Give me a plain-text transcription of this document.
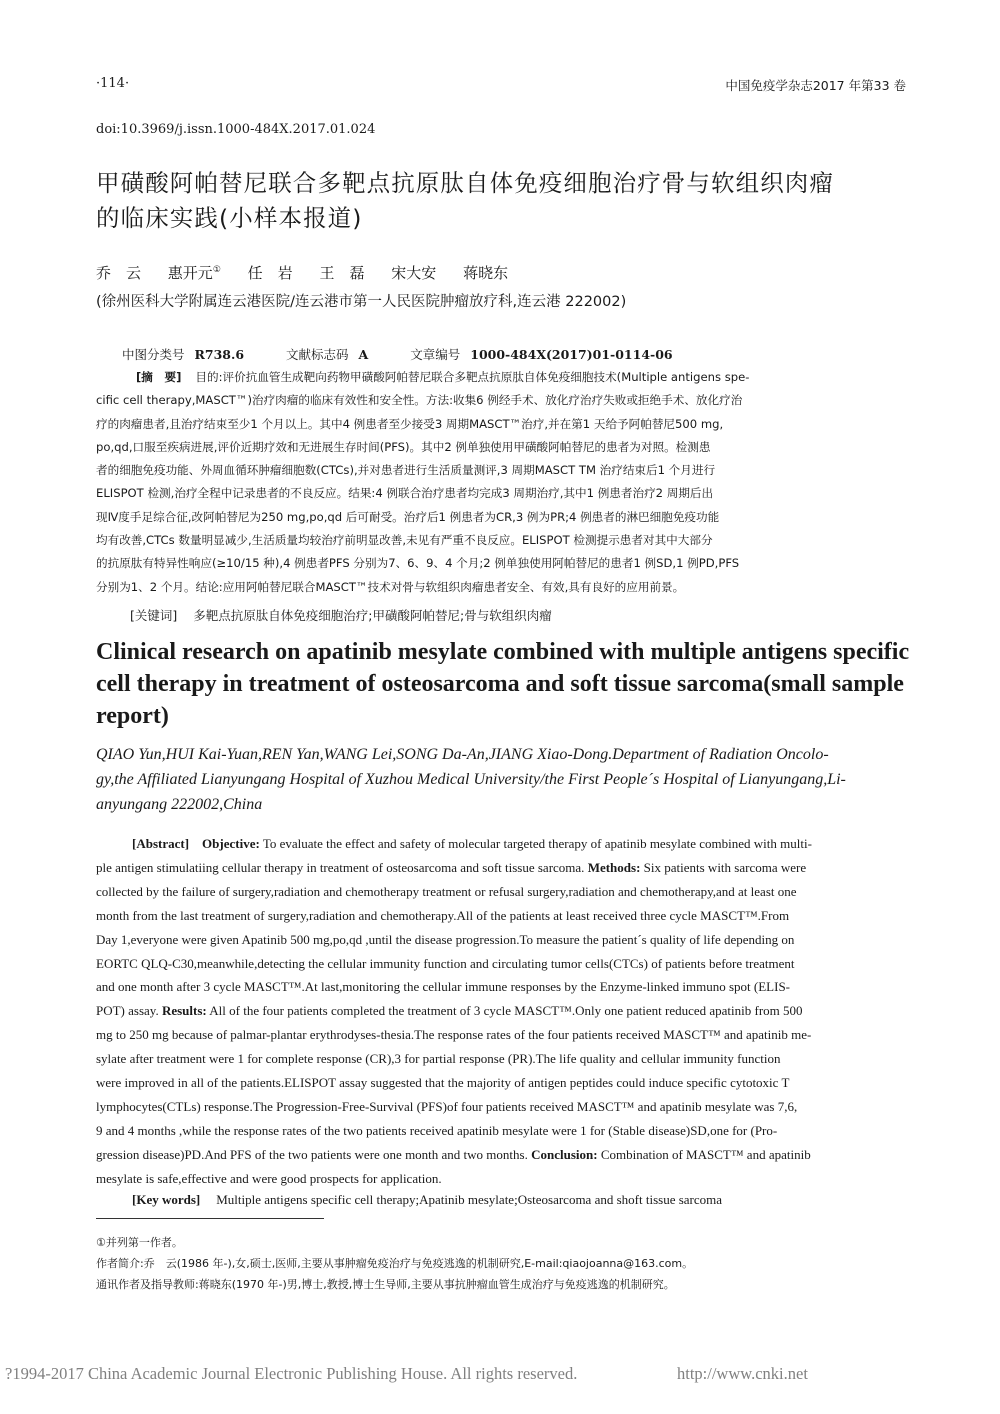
·114·	中国免疫学杂志2017 年第33 卷
doi:10.3969/j.issn.1000-484X.2017.01.024
甲磺酸阿帕替尼联合多靶点抗原肽自体免疫细胞治疗骨与软组织肉瘤
的临床实践(小样本报道)
乔　云 惠开元① 任　岩 王　磊 宋大安 蒋晓东
(徐州医科大学附属连云港医院/连云港市第一人民医院肿瘤放疗科,连云港 222002)
中图分类号 R738.6	文献标志码 A	文章编号 1000-484X(2017)01-0114-06
[摘　要] 目的:评价抗血管生成靶向药物甲磺酸阿帕替尼联合多靶点抗原肽自体免疫细胞技术(Multiple antigens spe-
cific cell therapy,MASCT™)治疗肉瘤的临床有效性和安全性。方法:收集6 例经手术、放化疗治疗失败或拒绝手术、放化疗治
疗的肉瘤患者,且治疗结束至少1 个月以上。其中4 例患者至少接受3 周期MASCT™治疗,并在第1 天给予阿帕替尼500 mg,
po,qd,口服至疾病进展,评价近期疗效和无进展生存时间(PFS)。其中2 例单独使用甲磺酸阿帕替尼的患者为对照。检测患
者的细胞免疫功能、外周血循环肿瘤细胞数(CTCs),并对患者进行生活质量测评,3 周期MASCT TM 治疗结束后1 个月进行
ELISPOT 检测,治疗全程中记录患者的不良反应。结果:4 例联合治疗患者均完成3 周期治疗,其中1 例患者治疗2 周期后出
现Ⅳ度手足综合征,改阿帕替尼为250 mg,po,qd 后可耐受。治疗后1 例患者为CR,3 例为PR;4 例患者的淋巴细胞免疫功能
均有改善,CTCs 数量明显减少,生活质量均较治疗前明显改善,未见有严重不良反应。ELISPOT 检测提示患者对其中大部分
的抗原肽有特异性响应(≥10/15 种),4 例患者PFS 分别为7、6、9、4 个月;2 例单独使用阿帕替尼的患者1 例SD,1 例PD,PFS
分别为1、2 个月。结论:应用阿帕替尼联合MASCT™技术对骨与软组织肉瘤患者安全、有效,具有良好的应用前景。
[关键词] 多靶点抗原肽自体免疫细胞治疗;甲磺酸阿帕替尼;骨与软组织肉瘤
Clinical research on apatinib mesylate combined with multiple antigens specific
cell therapy in treatment of osteosarcoma and soft tissue sarcoma(small sample
report)
QIAO Yun,HUI Kai-Yuan,REN Yan,WANG Lei,SONG Da-An,JIANG Xiao-Dong.Department of Radiation Oncolo-
gy,the Affiliated Lianyungang Hospital of Xuzhou Medical University/the First People´s Hospital of Lianyungang,Li-
anyungang 222002,China
[Abstract] Objective: To evaluate the effect and safety of molecular targeted therapy of apatinib mesylate combined with multi-
ple antigen stimulatiing cellular therapy in treatment of osteosarcoma and soft tissue sarcoma. Methods: Six patients with sarcoma were
collected by the failure of surgery,radiation and chemotherapy treatment or refusal surgery,radiation and chemotherapy,and at least one
month from the last treatment of surgery,radiation and chemotherapy.All of the patients at least received three cycle MASCT™.From
Day 1,everyone were given Apatinib 500 mg,po,qd ,until the disease progression.To measure the patient´s quality of life depending on
EORTC QLQ-C30,meanwhile,detecting the cellular immunity function and circulating tumor cells(CTCs) of patients before treatment
and one month after 3 cycle MASCT™.At last,monitoring the cellular immune responses by the Enzyme-linked immuno spot (ELIS-
POT) assay. Results: All of the four patients completed the treatment of 3 cycle MASCT™.Only one patient reduced apatinib from 500
mg to 250 mg because of palmar-plantar erythrodyses-thesia.The response rates of the four patients received MASCT™ and apatinib me-
sylate after treatment were 1 for complete response (CR),3 for partial response (PR).The life quality and cellular immunity function
were improved in all of the patients.ELISPOT assay suggested that the majority of antigen peptides could induce specific cytotoxic T
lymphocytes(CTLs) response.The Progression-Free-Survival (PFS)of four patients received MASCT™ and apatinib mesylate was 7,6,
9 and 4 months ,while the response rates of the two patients received apatinib mesylate were 1 for (Stable disease)SD,one for (Pro-
gression disease)PD.And PFS of the two patients were one month and two months. Conclusion: Combination of MASCT™ and apatinib
mesylate is safe,effective and were good prospects for application.
[Key words] Multiple antigens specific cell therapy;Apatinib mesylate;Osteosarcoma and shoft tissue sarcoma
①并列第一作者。
作者简介:乔　云(1986 年-),女,硕士,医师,主要从事肿瘤免疫治疗与免疫逃逸的机制研究,E-mail:qiaojoanna@163.com。
通讯作者及指导教师:蒋晓东(1970 年-)男,博士,教授,博士生导师,主要从事抗肿瘤血管生成治疗与免疫逃逸的机制研究。
?1994-2017 China Academic Journal Electronic Publishing House. All rights reserved.	http://www.cnki.net
